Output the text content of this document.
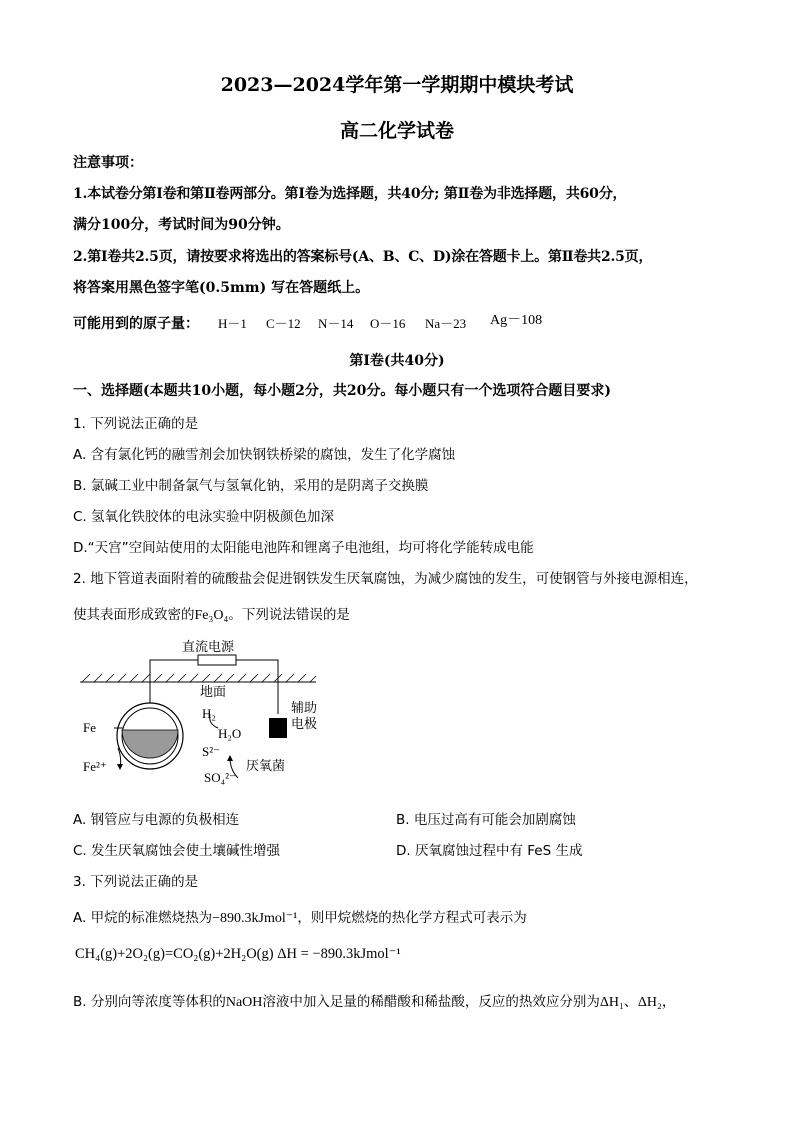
2023—2024学年第一学期期中模块考试
高二化学试卷
注意事项：
1.本试卷分第Ⅰ卷和第Ⅱ卷两部分。第Ⅰ卷为选择题，共40分; 第Ⅱ卷为非选择题，共60分，
满分100分，考试时间为90分钟。
2.第Ⅰ卷共2.5页，请按要求将选出的答案标号(A、B、C、D)涂在答题卡上。第Ⅱ卷共2.5页，
将答案用黑色签字笔(0.5mm) 写在答题纸上。
可能用到的原子量： H－1 C－12 N－14 O－16 Na－23 Ag－108
第Ⅰ卷(共40分)
一、选择题(本题共10小题，每小题2分，共20分。每小题只有一个选项符合题目要求)
1. 下列说法正确的是
A. 含有氯化钙的融雪剂会加快钢铁桥梁的腐蚀，发生了化学腐蚀
B. 氯碱工业中制备氯气与氢氧化钠，采用的是阴离子交换膜
C. 氢氧化铁胶体的电泳实验中阴极颜色加深
D.“天宫”空间站使用的太阳能电池阵和锂离子电池组，均可将化学能转成电能
2. 地下管道表面附着的硫酸盐会促进钢铁发生厌氧腐蚀，为减少腐蚀的发生，可使钢管与外接电源相连，
使其表面形成致密的Fe₃O₄。下列说法错误的是
直流电源
地面
Fe
Fe²⁺
H₂
H₂O
S²⁻
SO₄²⁻
厌氧菌
辅助
电极
A. 钢管应与电源的负极相连	B. 电压过高有可能会加剧腐蚀
C. 发生厌氧腐蚀会使土壤碱性增强	D. 厌氧腐蚀过程中有 FeS 生成
3. 下列说法正确的是
A. 甲烷的标准燃烧热为−890.3kJmol⁻¹，则甲烷燃烧的热化学方程式可表示为
CH₄(g)+2O₂(g)=CO₂(g)+2H₂O(g) ΔH = −890.3kJmol⁻¹
B. 分别向等浓度等体积的NaOH溶液中加入足量的稀醋酸和稀盐酸，反应的热效应分别为ΔH₁、ΔH₂，
